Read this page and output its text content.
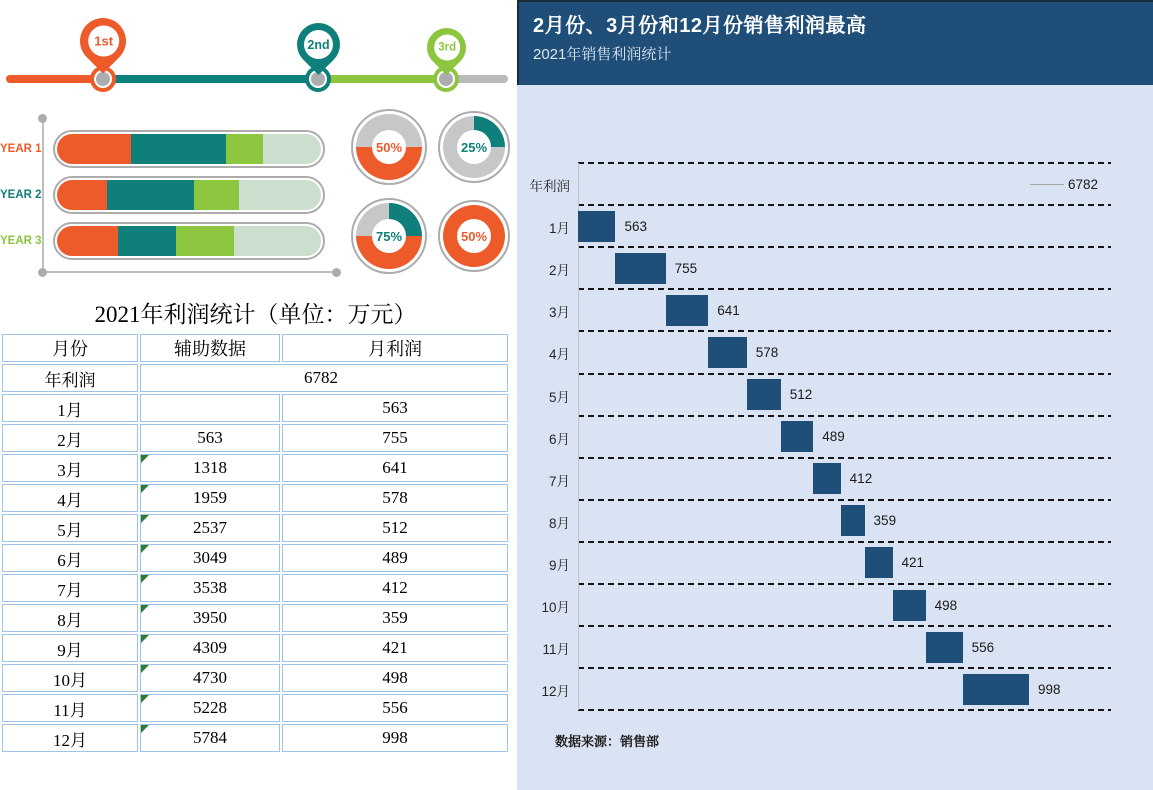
1st	2nd	3rd
YEAR 1
YEAR 2
YEAR 3
50%	25%
75%	50%
2021年利润统计（单位：万元）
月份	辅助数据	月利润
年利润	6782	
1月		563
2月	563	755
3月	1318	641
4月	1959	578
5月	2537	512
6月	3049	489
7月	3538	412
8月	3950	359
9月	4309	421
10月	4730	498
11月	5228	556
12月	5784	998
2月份、3月份和12月份销售利润最高
2021年销售利润统计
数据来源：销售部
年利润	6782
1月	563
2月	755
3月	641
4月	578
5月	512
6月	489
7月	412
8月	359
9月	421
10月	498
11月	556
12月	998
